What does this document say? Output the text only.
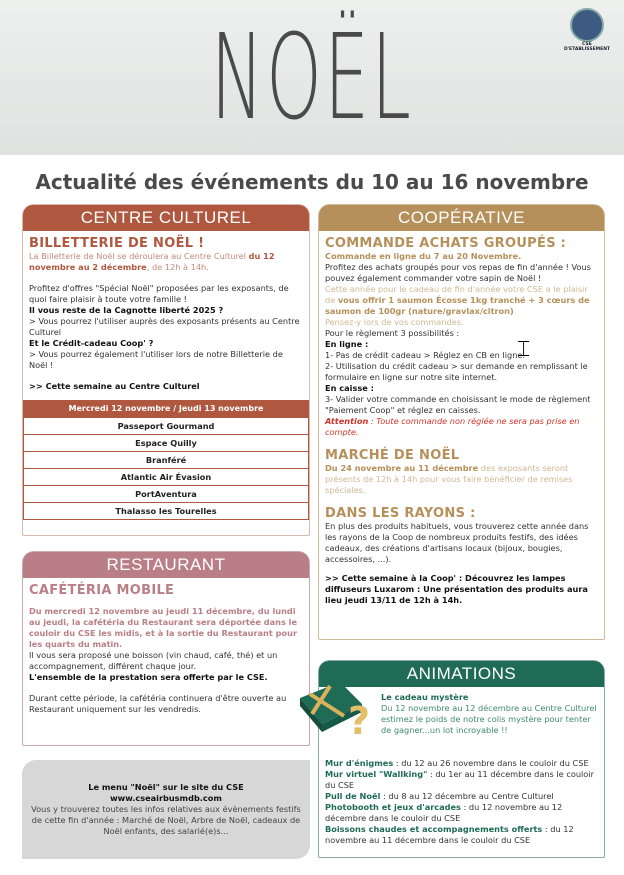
NOËL	CSE D'ETABLISSEMENT
Actualité des événements du 10 au 16 novembre
CENTRE CULTUREL
BILLETTERIE DE NOËL !

La Billetterie de Noël se déroulera au Centre Culturel du 12 novembre au 2 décembre, de 12h à 14h.

Profitez d'offres "Spécial Noël" proposées par les exposants, de quoi faire plaisir à toute votre famille !

Il vous reste de la Cagnotte liberté 2025 ?

> Vous pourrez l'utiliser auprès des exposants présents au Centre Culturel

Et le Crédit-cadeau Coop' ?

> Vous pourrez également l'utiliser lors de notre Billetterie de Noël !

>> Cette semaine au Centre Culturel

Mercredi 12 novembre / Jeudi 13 novembre
Passeport Gourmand
Espace Quilly
Branféré
Atlantic Air Évasion
PortAventura
Thalasso les Tourelles
RESTAURANT
CAFÉTÉRIA MOBILE

Du mercredi 12 novembre au jeudi 11 décembre, du lundi au jeudi, la cafétéria du Restaurant sera déportée dans le couloir du CSE les midis, et à la sortie du Restaurant pour les quarts du matin.

Il vous sera proposé une boisson (vin chaud, café, thé) et un accompagnement, différent chaque jour.

L'ensemble de la prestation sera offerte par le CSE.

Durant cette période, la cafétéria continuera d'être ouverte au Restaurant uniquement sur les vendredis.

Le menu "Noël" sur le site du CSE

www.cseairbusmdb.com

Vous y trouverez toutes les infos relatives aux évènements festifs de cette fin d'année : Marché de Noël, Arbre de Noël, cadeaux de Noël enfants, des salarié(e)s...

COOPÉRATIVE
COMMANDE ACHATS GROUPÉS :

Commande en ligne du 7 au 20 Novembre.

Profitez des achats groupés pour vos repas de fin d'année ! Vous pouvez également commander votre sapin de Noël !

Cette année pour le cadeau de fin d'année votre CSE a le plaisir de vous offrir 1 saumon Écosse 1kg tranché + 3 cœurs de saumon de 100gr (nature/gravlax/citron).

Pensez-y lors de vos commandes.

Pour le règlement 3 possibilités :

En ligne :

1- Pas de crédit cadeau > Réglez en CB en ligne.

2- Utilisation du crédit cadeau > sur demande en remplissant le formulaire en ligne sur notre site internet.

En caisse :

3- Valider votre commande en choisissant le mode de règlement "Paiement Coop" et réglez en caisses.

Attention : Toute commande non réglée ne sera pas prise en compte.

MARCHÉ DE NOËL

Du 24 novembre au 11 décembre des exposants seront présents de 12h à 14h pour vous faire bénéficier de remises spéciales.

DANS LES RAYONS :

En plus des produits habituels, vous trouverez cette année dans les rayons de la Coop de nombreux produits festifs, des idées cadeaux, des créations d'artisans locaux (bijoux, bougies, accessoires, ...).

>> Cette semaine à la Coop' : Découvrez les lampes diffuseurs Luxarom : Une présentation des produits aura lieu jeudi 13/11 de 12h à 14h.

⌶
ANIMATIONS

Le cadeau mystère

Du 12 novembre au 12 décembre au Centre Culturel estimez le poids de notre colis mystère pour tenter de gagner...un lot incroyable !!

Mur d'énigmes : du 12 au 26 novembre dans le couloir du CSE

Mur virtuel "Wallking" : du 1er au 11 décembre dans le couloir du CSE

Pull de Noël : du 8 au 12 décembre au Centre Culturel

Photobooth et jeux d'arcades : du 12 novembre au 12 décembre dans le couloir du CSE

Boissons chaudes et accompagnements offerts : du 12 novembre au 11 décembre dans le couloir du CSE

?
